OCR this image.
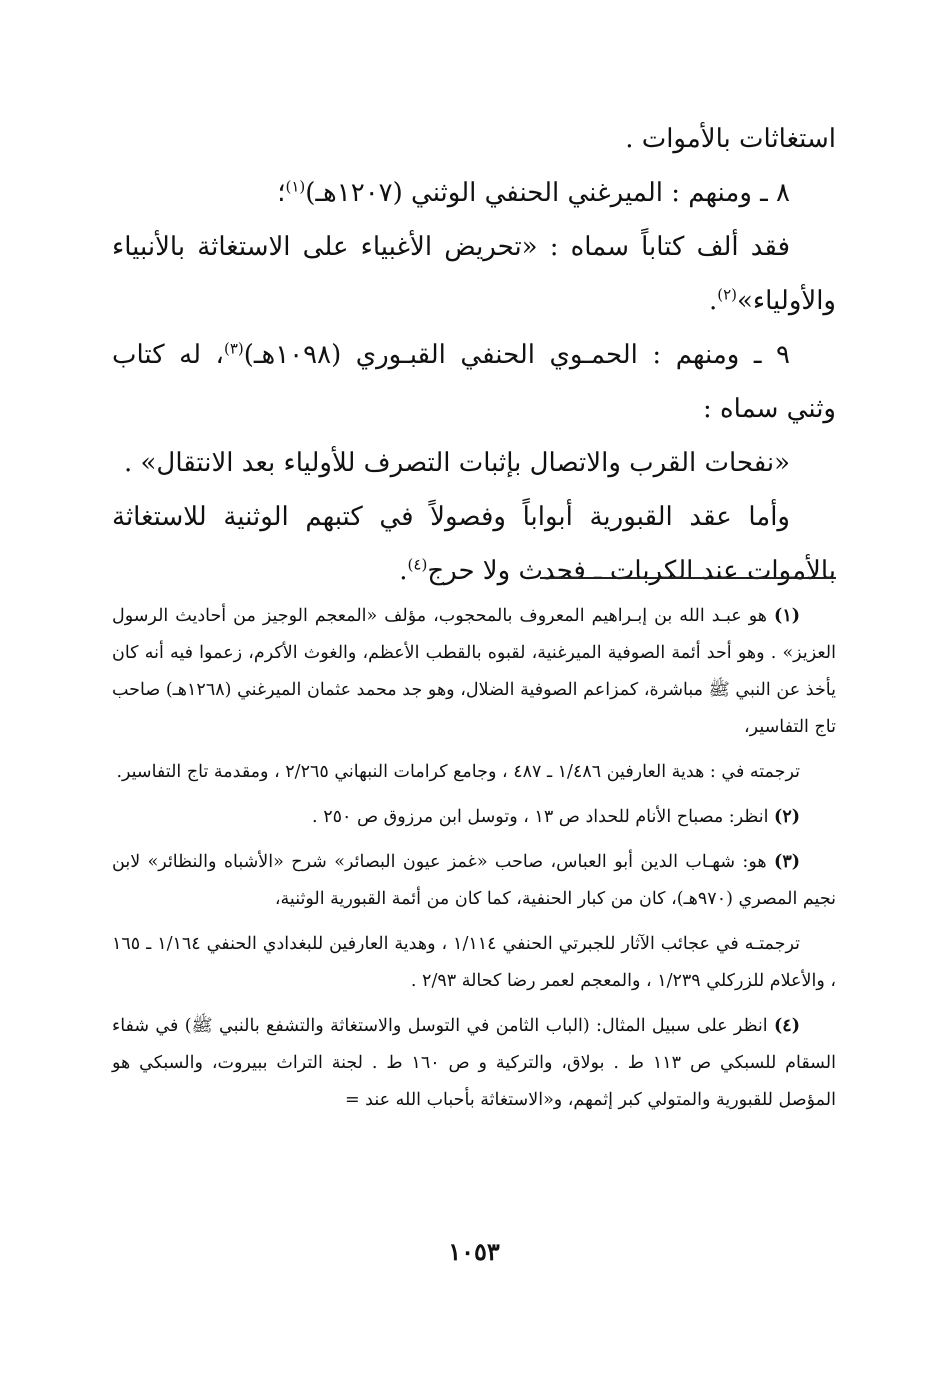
استغاثات بالأموات .

٨ ـ ومنهم : الميرغني الحنفي الوثني (١٢٠٧هـ)$^{(١)}$؛

فقد ألف كتاباً سماه : «تحريض الأغبياء على الاستغاثة بالأنبياء والأولياء»$^{(٢)}$.

٩ ـ ومنهم : الحمـوي الحنفي القبـوري (١٠٩٨هـ)$^{(٣)}$، له كتاب وثني سماه :

«نفحات القرب والاتصال بإثبات التصرف للأولياء بعد الانتقال» .

وأما عقد القبورية أبواباً وفصولاً في كتبهم الوثنية للاستغاثة بالأموات عند الكربات ـ فحدث ولا حرج$^{(٤)}$.

(١) هو عبـد الله بن إبـراهيم المعروف بالمحجوب، مؤلف «المعجم الوجيز من أحاديث الرسول العزيز» . وهو أحد أئمة الصوفية الميرغنية، لقبوه بالقطب الأعظم، والغوث الأكرم، زعموا فيه أنه كان يأخذ عن النبي ﷺ مباشرة، كمزاعم الصوفية الضلال، وهو جد محمد عثمان الميرغني (١٢٦٨هـ) صاحب تاج التفاسير،

ترجمته في : هدية العارفين ١/٤٨٦ ـ ٤٨٧ ، وجامع كرامات النبهاني ٢/٢٦٥ ، ومقدمة تاج التفاسير.

(٢) انظر: مصباح الأنام للحداد ص ١٣ ، وتوسل ابن مرزوق ص ٢٥٠ .

(٣) هو: شهـاب الدين أبو العباس، صاحب «غمز عيون البصائر» شرح «الأشباه والنظائر» لابن نجيم المصري (٩٧٠هـ)، كان من كبار الحنفية، كما كان من أئمة القبورية الوثنية،

ترجمتـه في عجائب الآثار للجبرتي الحنفي ١/١١٤ ، وهدية العارفين للبغدادي الحنفي ١/١٦٤ ـ ١٦٥ ، والأعلام للزركلي ١/٢٣٩ ، والمعجم لعمر رضا كحالة ٢/٩٣ .

(٤) انظر على سبيل المثال: (الباب الثامن في التوسل والاستغاثة والتشفع بالنبي ﷺ) في شفاء السقام للسبكي ص ١١٣ ط . بولاق، والتركية و ص ١٦٠ ط . لجنة التراث ببيروت، والسبكي هو المؤصل للقبورية والمتولي كبر إثمهم، و«الاستغاثة بأحباب الله عند =

١٠٥٣
